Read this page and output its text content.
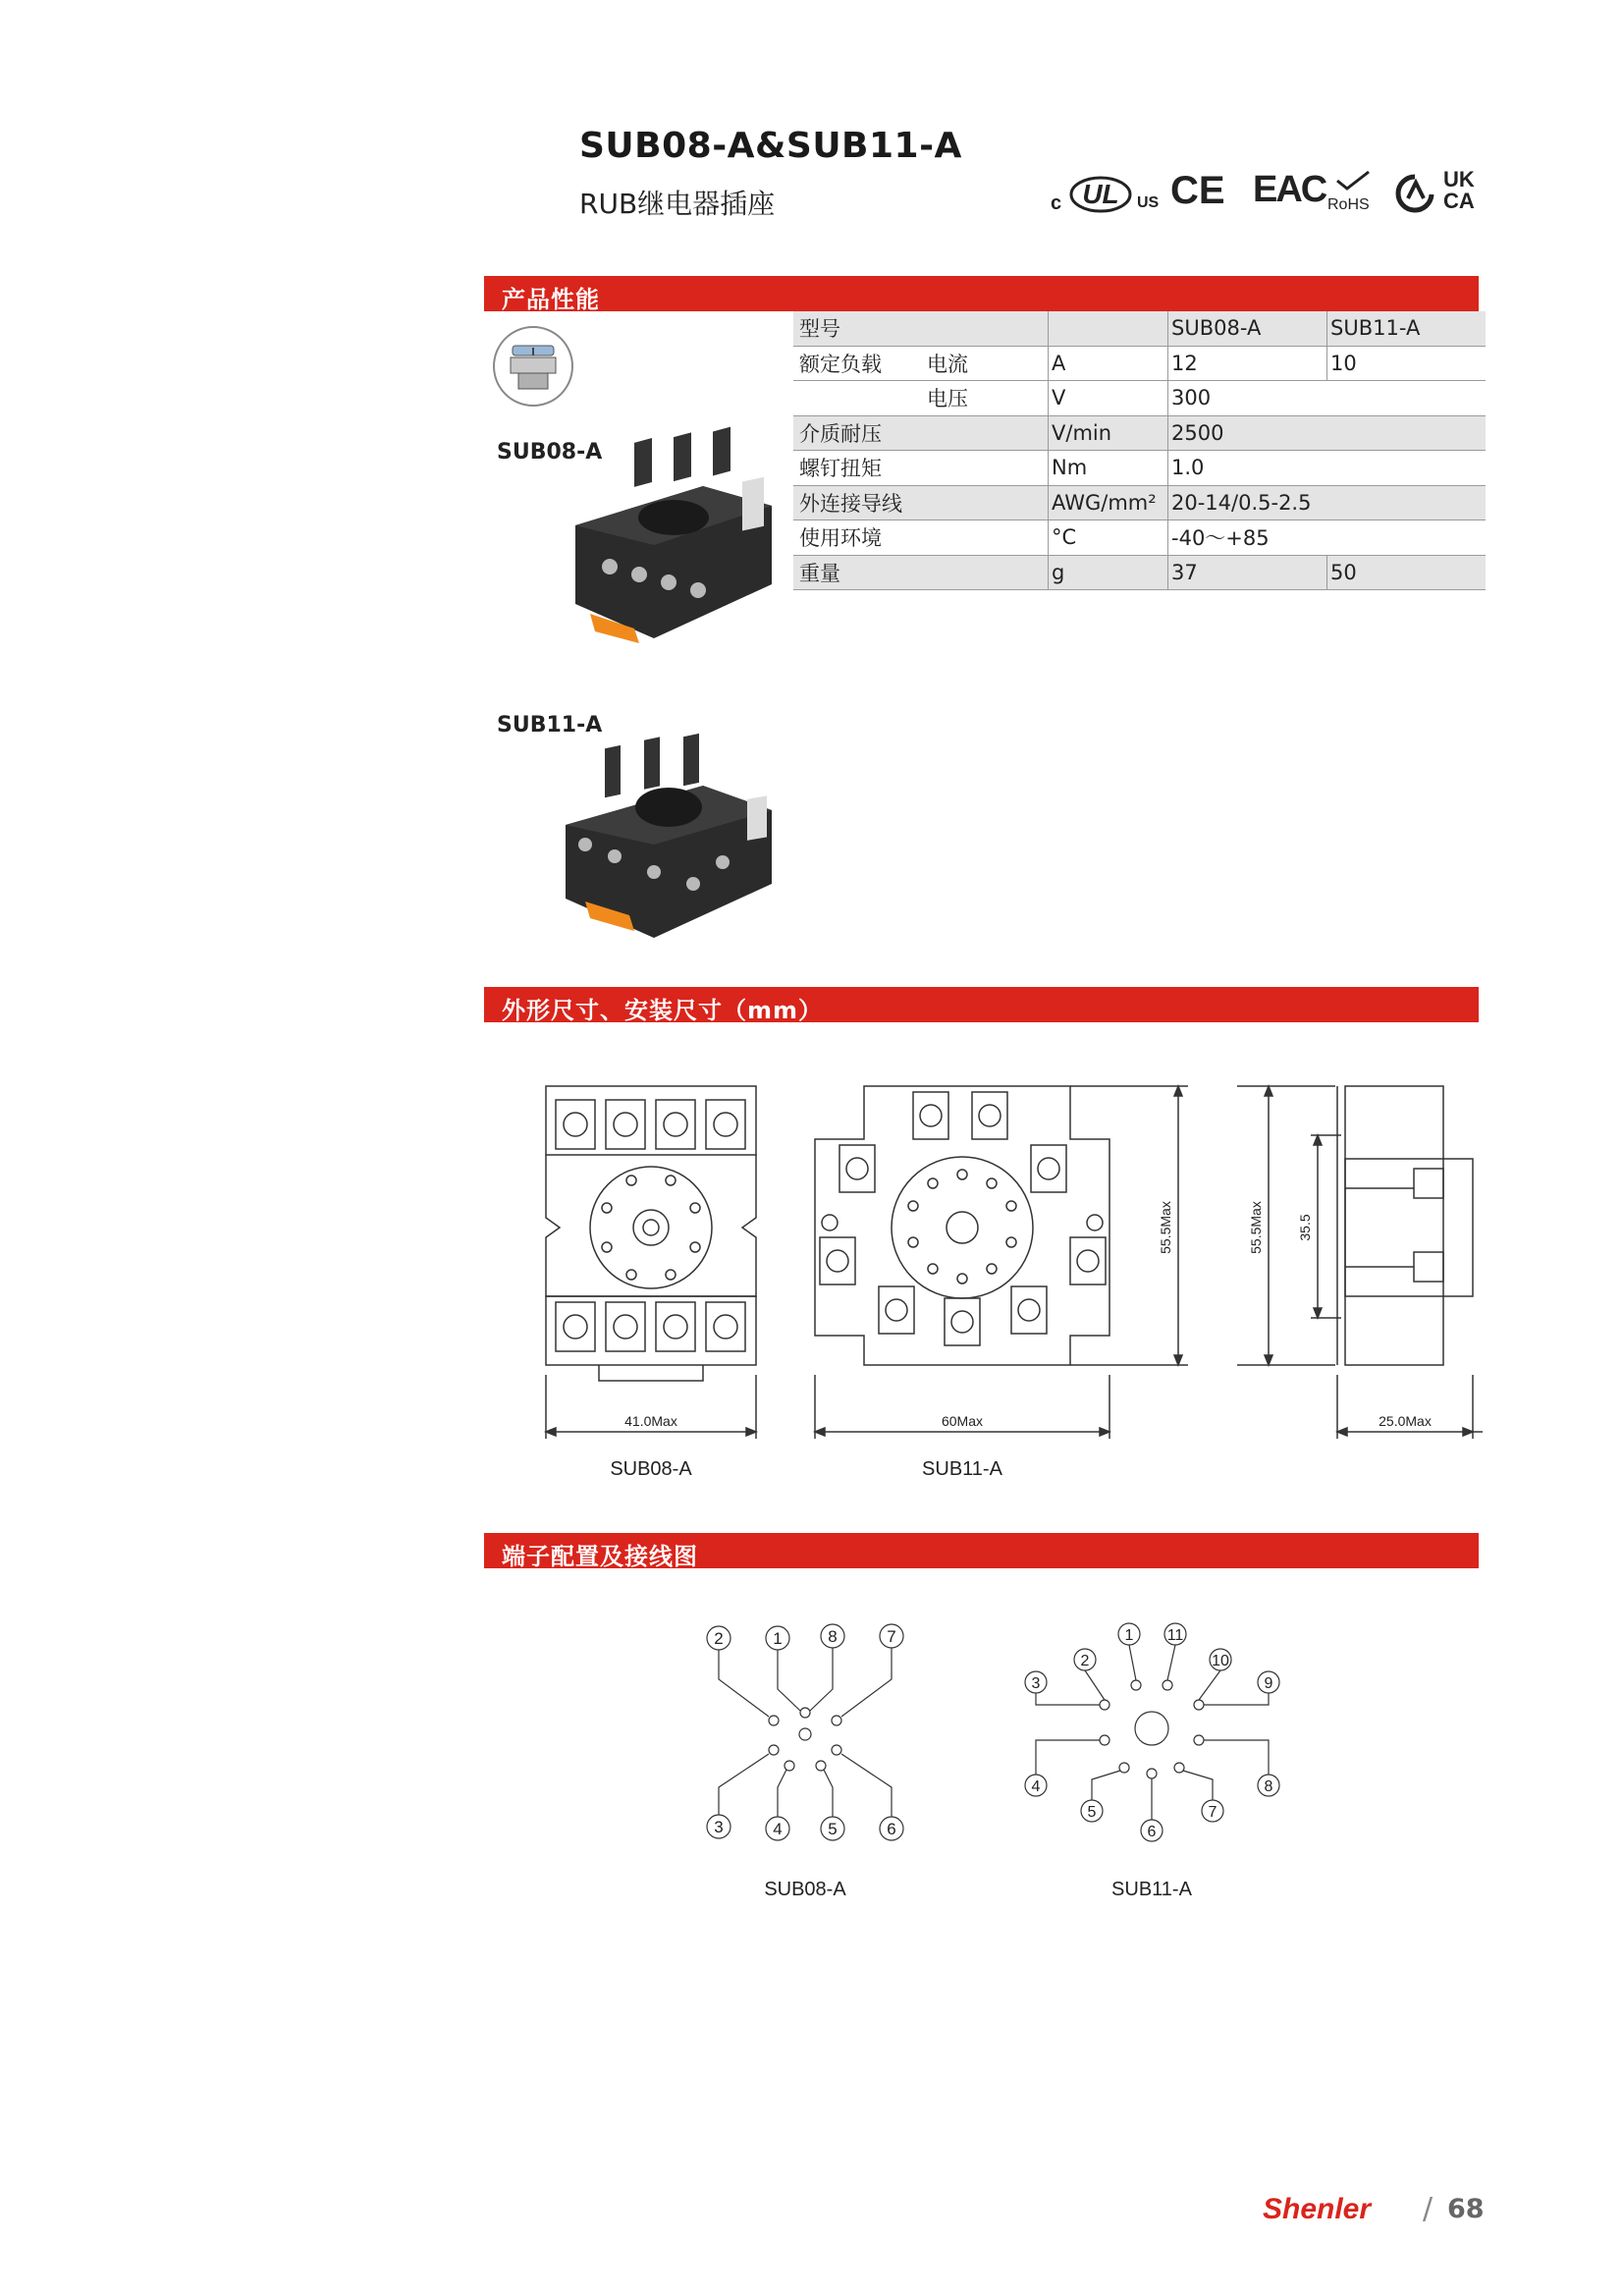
SUB08-A&SUB11-A
RUB继电器插座	c UL US CE EAC RoHS
UK
CA
产品性能
SUB08-A
SUB11-A
型号			SUB08-A	SUB11-A
额定负载	电流	A	12	10
	电压	V	300	
介质耐压		V/min	2500	
螺钉扭矩		Nm	1.0	
外连接导线		AWG/mm²	20-14/0.5-2.5	
使用环境		°C	-40～+85	
重量		g	37	50
外形尺寸、安装尺寸（mm）
41.0Max
SUB08-A
60Max
55.5Max
SUB11-A
55.5Max 35.5
25.0Max
端子配置及接线图
2	1	8	7
3	4	5	6
SUB08-A
1 11
2	10
3	9
4	8
5	7
6
SUB11-A
Shenler / 68
